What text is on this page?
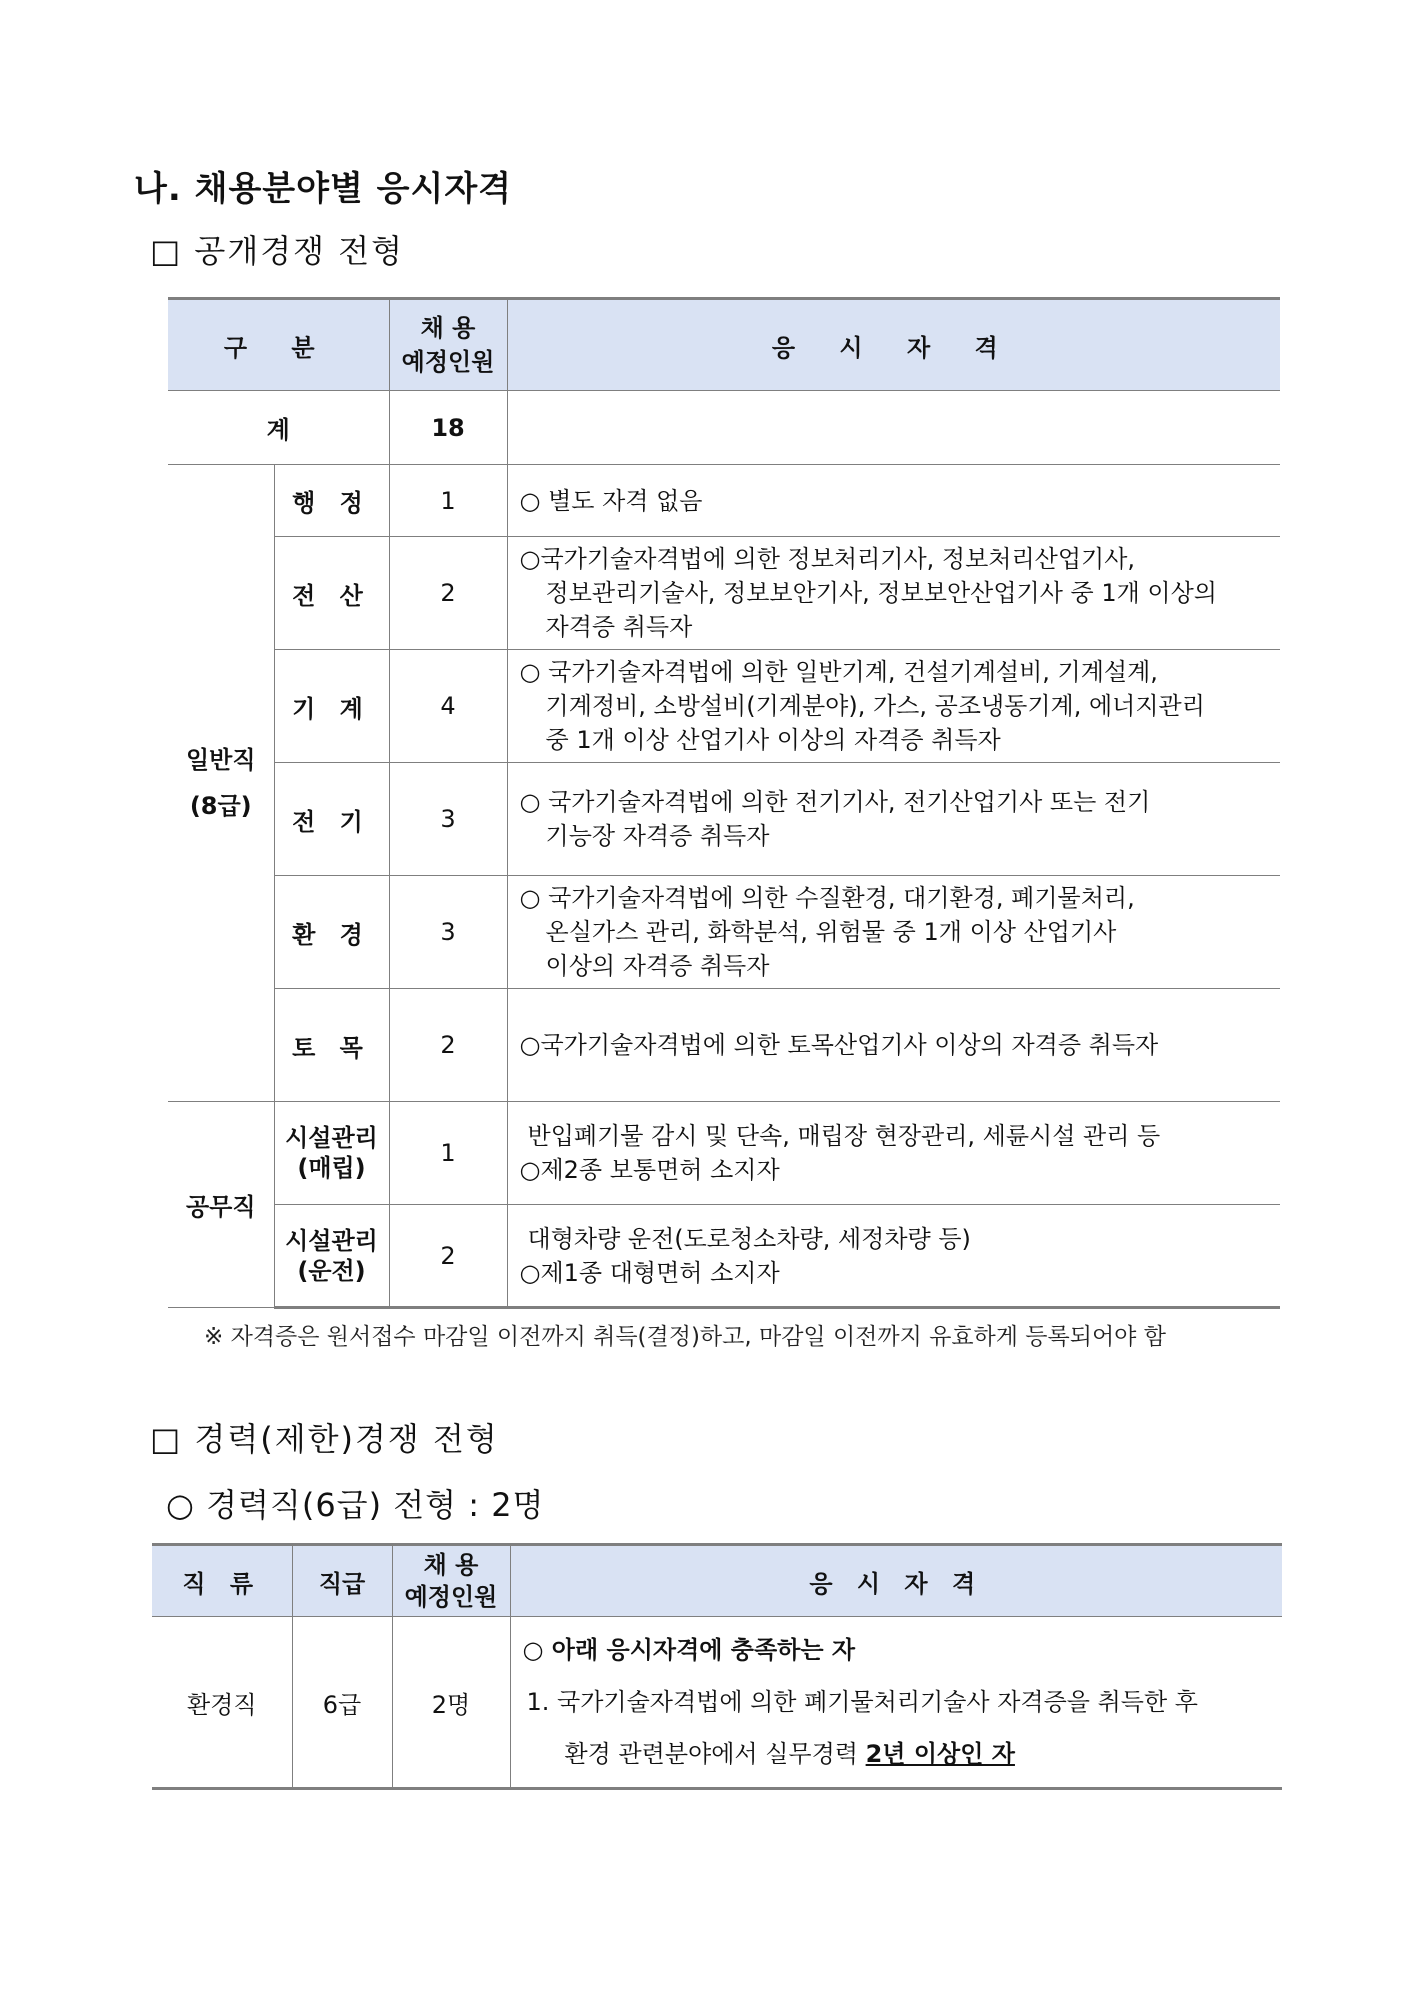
나. 채용분야별 응시자격
□ 공개경쟁 전형
구 분		채 용
예정인원	응 시 자 격
계		18	
일반직
(8급)	행 정	1	○ 별도 자격 없음
	전 산	2	○국가기술자격법에 의한 정보처리기사, 정보처리산업기사,
정보관리기술사, 정보보안기사, 정보보안산업기사 중 1개 이상의
자격증 취득자

	기 계	4	○ 국가기술자격법에 의한 일반기계, 건설기계설비, 기계설계,
기계정비, 소방설비(기계분야), 가스, 공조냉동기계, 에너지관리
중 1개 이상 산업기사 이상의 자격증 취득자

	전 기	3	○ 국가기술자격법에 의한 전기기사, 전기산업기사 또는 전기
기능장 자격증 취득자

	환 경	3	○ 국가기술자격법에 의한 수질환경, 대기환경, 폐기물처리,
온실가스 관리, 화학분석, 위험물 중 1개 이상 산업기사
이상의 자격증 취득자

	토 목	2	○국가기술자격법에 의한 토목산업기사 이상의 자격증 취득자
공무직	시설관리
(매립)	1	반입폐기물 감시 및 단속, 매립장 현장관리, 세륜시설 관리 등
○제2종 보통면허 소지자

	시설관리
(운전)	2	대형차량 운전(도로청소차량, 세정차량 등)
○제1종 대형면허 소지자
※ 자격증은 원서접수 마감일 이전까지 취득(결정)하고, 마감일 이전까지 유효하게 등록되어야 함
□ 경력(제한)경쟁 전형
○ 경력직(6급) 전형 : 2명
직 류	직급	채 용
예정인원	응 시 자 격
환경직	6급	2명	○ 아래 응시자격에 충족하는 자
1. 국가기술자격법에 의한 폐기물처리기술사 자격증을 취득한 후
환경 관련분야에서 실무경력 2년 이상인 자
